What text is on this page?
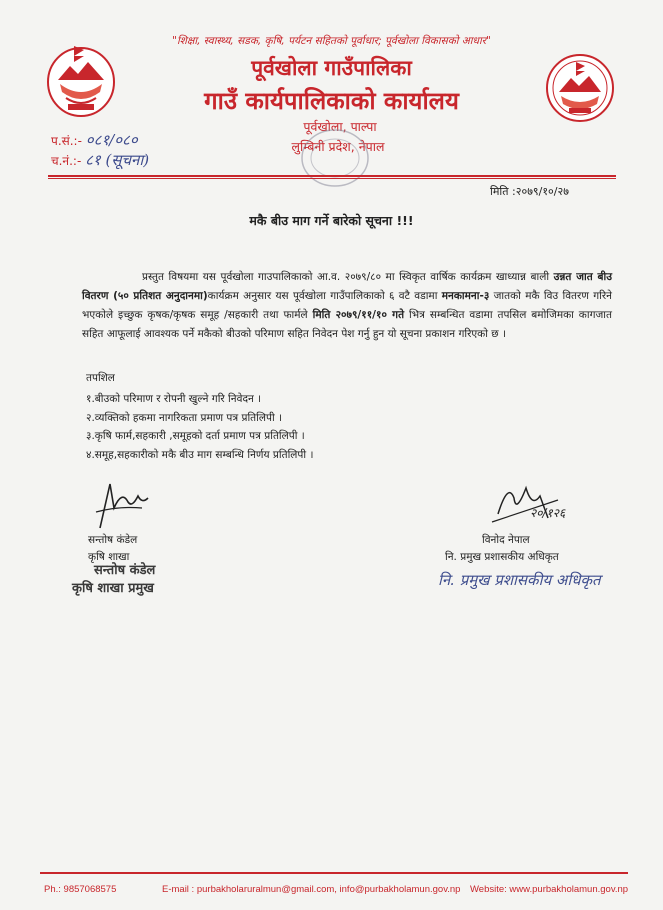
"शिक्षा, स्वास्थ्य, सडक, कृषि, पर्यटन सहितको पूर्वाधार; पूर्वखोला विकासको आधार"
पूर्वखोला गाउँपालिका
गाउँ कार्यपालिकाको कार्यालय
पूर्वखोला, पाल्पा
लुम्बिनी प्रदेश, नेपाल
प.सं.:- ०८१/०८०
च.नं.:- ८१ (सूचना)
मिति :२०७९/१०/२७
मकै बीउ माग गर्ने बारेको सूचना !!!
प्रस्तुत विषयमा यस पूर्वखोला गाउपालिकाको आ.व. २०७९/८० मा स्विकृत वार्षिक कार्यक्रम खाध्यान्न बाली उन्नत जात बीउ वितरण (५० प्रतिशत अनुदानमा)कार्यक्रम अनुसार यस पूर्वखोला गाउँपालिकाको ६ वटै वडामा मनकामना-३ जातको मकै विउ वितरण गरिने भएकोले इच्छुक कृषक/कृषक समूह /सहकारी तथा फार्मले मिति २०७९/११/१० गते भित्र सम्बन्धित वडामा तपसिल बमोजिमका कागजात सहित आफूलाई आवश्यक पर्ने मकैको बीउको परिमाण सहित निवेदन पेश गर्नु हुन यो सूचना प्रकाशन गरिएको छ ।
तपशिल
१.बीउको परिमाण र रोपनी खुल्ने गरि निवेदन ।
२.व्यक्तिको हकमा नागरिकता प्रमाण पत्र प्रतिलिपी ।
३.कृषि फार्म,सहकारी ,समूहको दर्ता प्रमाण पत्र प्रतिलिपी ।
४.समूह,सहकारीको मकै बीउ माग सम्बन्धि निर्णय प्रतिलिपी ।
२०/१२६
सन्तोष कंडेल
कृषि शाखा
सन्तोष कंडेल
कृषि शाखा प्रमुख
विनोद नेपाल
नि. प्रमुख प्रशासकीय अधिकृत
नि. प्रमुख प्रशासकीय अधिकृत
Ph.: 9857068575	E-mail : purbakholaruralmun@gmail.com, info@purbakholamun.gov.np Website: www.purbakholamun.gov.np
